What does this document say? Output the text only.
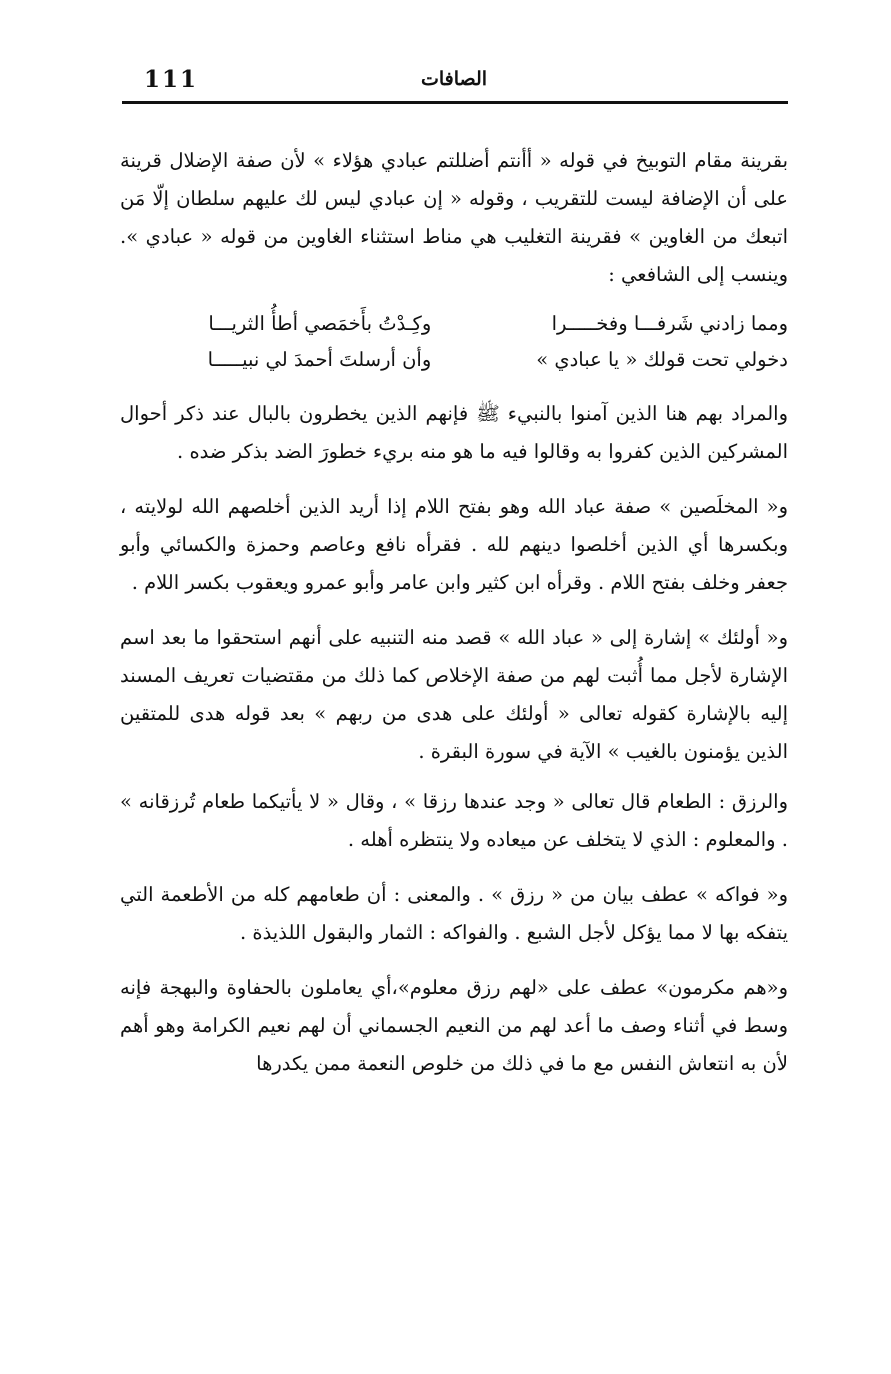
111	الصافات

بقرينة مقام التوبيخ في قوله « أأنتم أضللتم عبادي هؤلاء » لأن صفة الإضلال قرينة على أن الإضافة ليست للتقريب ، وقوله « إن عبادي ليس لك عليهم سلطان إلّا مَن اتبعك من الغاوين » فقرينة التغليب هي مناط استثناء الغاوين من قوله « عبادي ». وينسب إلى الشافعي :

ومما زادني شَرفـــا وفخـــــرا
وكِـدْتُ بأَخمَصي أطأُ الثريـــا
دخولي تحت قولك « يا عبادي »
وأن أرسلتَ أحمدَ لي نبيـــــا

والمراد بهم هنا الذين آمنوا بالنبيء ﷺ فإنهم الذين يخطرون بالبال عند ذكر أحوال المشركين الذين كفروا به وقالوا فيه ما هو منه بريء خطورَ الضد بذكر ضده .

و« المخلَصين » صفة عباد الله وهو بفتح اللام إذا أريد الذين أخلصهم الله لولايته ، وبكسرها أي الذين أخلصوا دينهم لله . فقرأه نافع وعاصم وحمزة والكسائي وأبو جعفر وخلف بفتح اللام . وقرأه ابن كثير وابن عامر وأبو عمرو ويعقوب بكسر اللام .

و« أولئك » إشارة إلى « عباد الله » قصد منه التنبيه على أنهم استحقوا ما بعد اسم الإشارة لأجل مما أُثبت لهم من صفة الإخلاص كما ذلك من مقتضيات تعريف المسند إليه بالإشارة كقوله تعالى « أولئك على هدى من ربهم » بعد قوله هدى للمتقين الذين يؤمنون بالغيب » الآية في سورة البقرة .

والرزق : الطعام قال تعالى « وجد عندها رزقا » ، وقال « لا يأتيكما طعام تُرزقانه » . والمعلوم : الذي لا يتخلف عن ميعاده ولا ينتظره أهله .

و« فواكه » عطف بيان من « رزق » . والمعنى : أن طعامهم كله من الأطعمة التي يتفكه بها لا مما يؤكل لأجل الشبع . والفواكه : الثمار والبقول اللذيذة .

و«هم مكرمون» عطف على «لهم رزق معلوم»،أي يعاملون بالحفاوة والبهجة فإنه وسط في أثناء وصف ما أعد لهم من النعيم الجسماني أن لهم نعيم الكرامة وهو أهم لأن به انتعاش النفس مع ما في ذلك من خلوص النعمة ممن يكدرها
